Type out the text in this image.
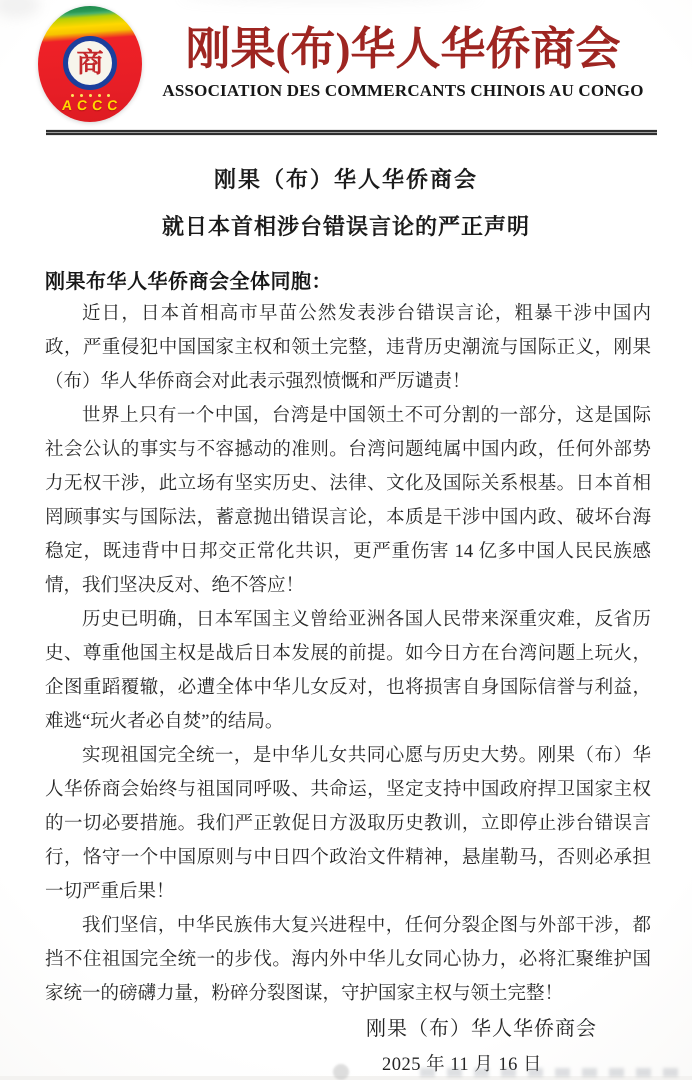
商
ACCC
刚果(布)华人华侨商会
ASSOCIATION DES COMMERCANTS CHINOIS AU CONGO
刚果（布）华人华侨商会
就日本首相涉台错误言论的严正声明
刚果布华人华侨商会全体同胞：

近日，日本首相高市早苗公然发表涉台错误言论，粗暴干涉中国内政，严重侵犯中国国家主权和领土完整，违背历史潮流与国际正义，刚果（布）华人华侨商会对此表示强烈愤慨和严厉谴责！

世界上只有一个中国，台湾是中国领土不可分割的一部分，这是国际社会公认的事实与不容撼动的准则。台湾问题纯属中国内政，任何外部势力无权干涉，此立场有坚实历史、法律、文化及国际关系根基。日本首相罔顾事实与国际法，蓄意抛出错误言论，本质是干涉中国内政、破坏台海稳定，既违背中日邦交正常化共识，更严重伤害 14 亿多中国人民民族感情，我们坚决反对、绝不答应！

历史已明确，日本军国主义曾给亚洲各国人民带来深重灾难，反省历史、尊重他国主权是战后日本发展的前提。如今日方在台湾问题上玩火，企图重蹈覆辙，必遭全体中华儿女反对，也将损害自身国际信誉与利益，难逃“玩火者必自焚”的结局。

实现祖国完全统一，是中华儿女共同心愿与历史大势。刚果（布）华人华侨商会始终与祖国同呼吸、共命运，坚定支持中国政府捍卫国家主权的一切必要措施。我们严正敦促日方汲取历史教训，立即停止涉台错误言行，恪守一个中国原则与中日四个政治文件精神，悬崖勒马，否则必承担一切严重后果！

我们坚信，中华民族伟大复兴进程中，任何分裂企图与外部干涉，都挡不住祖国完全统一的步伐。海内外中华儿女同心协力，必将汇聚维护国家统一的磅礴力量，粉碎分裂图谋，守护国家主权与领土完整！

刚果（布）华人华侨商会
2025 年 11 月 16 日
